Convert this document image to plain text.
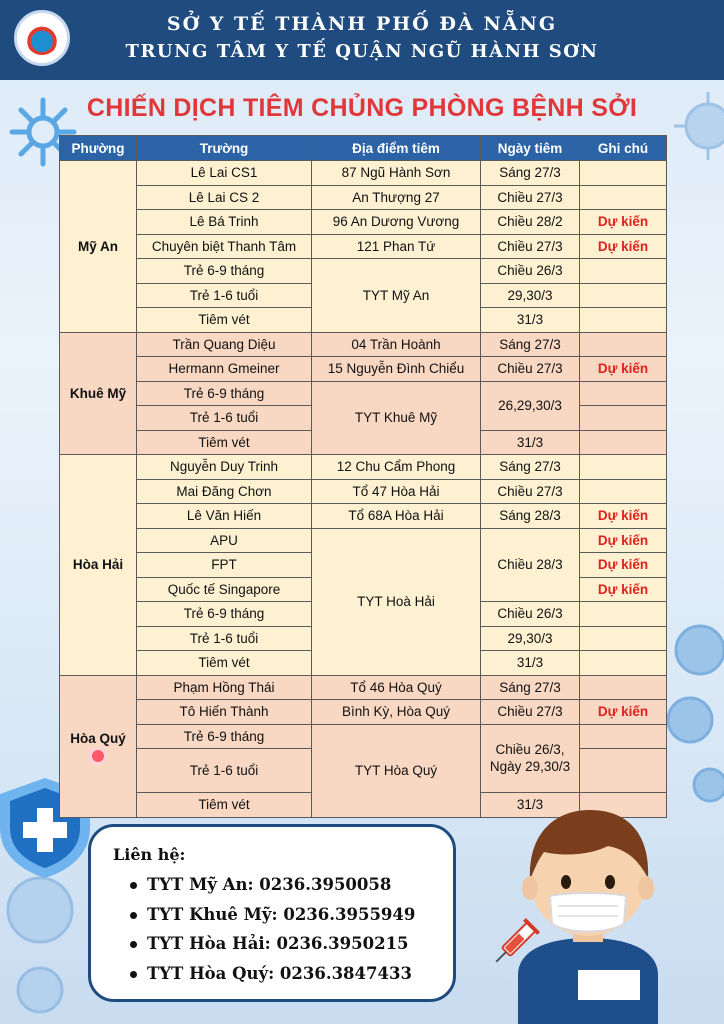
SỞ Y TẾ THÀNH PHỐ ĐÀ NẴNG
TRUNG TÂM Y TẾ QUẬN NGŨ HÀNH SƠN
CHIẾN DỊCH TIÊM CHỦNG PHÒNG BỆNH SỞI
Phường	Trường	Địa điểm tiêm	Ngày tiêm	Ghi chú
Mỹ An	Lê Lai CS1	87 Ngũ Hành Sơn	Sáng 27/3	
	Lê Lai CS 2	An Thượng 27	Chiều 27/3	
	Lê Bá Trinh	96 An Dương Vương	Chiều 28/2	Dự kiến
	Chuyên biệt Thanh Tâm	121 Phan Tứ	Chiều 27/3	Dự kiến
	Trẻ 6-9 tháng	TYT Mỹ An	Chiều 26/3	
	Trẻ 1-6 tuổi		29,30/3	
	Tiêm vét		31/3	
Khuê Mỹ	Trần Quang Diệu	04 Trần Hoành	Sáng 27/3	
	Hermann Gmeiner	15 Nguyễn Đình Chiểu	Chiều 27/3	Dự kiến
	Trẻ 6-9 tháng	TYT Khuê Mỹ	26,29,30/3	
	Trẻ 1-6 tuổi			
	Tiêm vét		31/3	
Hòa Hải	Nguyễn Duy Trinh	12 Chu Cẩm Phong	Sáng 27/3	
	Mai Đăng Chơn	Tổ 47 Hòa Hải	Chiều 27/3	
	Lê Văn Hiến	Tổ 68A Hòa Hải	Sáng 28/3	Dự kiến
	APU	TYT Hoà Hải	Chiều 28/3	Dự kiến
	FPT			Dự kiến
	Quốc tế Singapore			Dự kiến
	Trẻ 6-9 tháng		Chiều 26/3	
	Trẻ 1-6 tuổi		29,30/3	
	Tiêm vét		31/3	
Hòa Quý	Phạm Hồng Thái	Tổ 46 Hòa Quý	Sáng 27/3	
	Tô Hiến Thành	Bình Kỳ, Hòa Quý	Chiều 27/3	Dự kiến
	Trẻ 6-9 tháng	TYT Hòa Quý	Chiều 26/3, Ngày 29,30/3	
	Trẻ 1-6 tuổi			
	Tiêm vét		31/3	
Liên hệ:
TYT Mỹ An: 0236.3950058
TYT Khuê Mỹ: 0236.3955949
TYT Hòa Hải: 0236.3950215
TYT Hòa Quý: 0236.3847433
